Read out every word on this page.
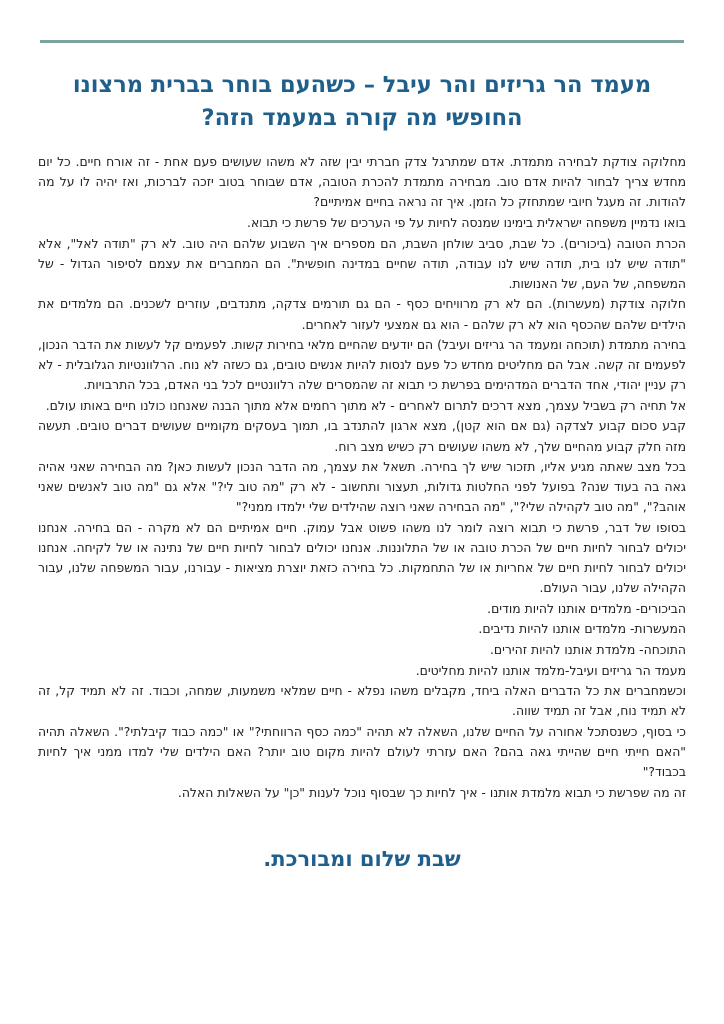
מעמד הר גריזים והר עיבל – כשהעם בוחר בברית מרצונו החופשי מה קורה במעמד הזה?

מחלוקה צודקת לבחירה מתמדת. אדם שמתרגל צדק חברתי יבין שזה לא משהו שעושים פעם אחת - זה אורח חיים. כל יום מחדש צריך לבחור להיות אדם טוב. מבחירה מתמדת להכרת הטובה, אדם שבוחר בטוב יזכה לברכות, ואז יהיה לו על מה להודות. זה מעגל חיובי שמתחזק כל הזמן. איך זה נראה בחיים אמיתיים?

בואו נדמיין משפחה ישראלית בימינו שמנסה לחיות על פי הערכים של פרשת כי תבוא.

הכרת הטובה (ביכורים). כל שבת, סביב שולחן השבת, הם מספרים איך השבוע שלהם היה טוב. לא רק "תודה לאל", אלא "תודה שיש לנו בית, תודה שיש לנו עבודה, תודה שחיים במדינה חופשית". הם המחברים את עצמם לסיפור הגדול - של המשפחה, של העם, של האנושות.

חלוקה צודקת (מעשרות). הם לא רק מרוויחים כסף - הם גם תורמים צדקה, מתנדבים, עוזרים לשכנים. הם מלמדים את הילדים שלהם שהכסף הוא לא רק שלהם - הוא גם אמצעי לעזור לאחרים.

בחירה מתמדת (תוכחה ומעמד הר גריזים ועיבל) הם יודעים שהחיים מלאי בחירות קשות. לפעמים קל לעשות את הדבר הנכון, לפעמים זה קשה. אבל הם מחליטים מחדש כל פעם לנסות להיות אנשים טובים, גם כשזה לא נוח. הרלוונטיות הגלובלית - לא רק עניין יהודי, אחד הדברים המדהימים בפרשת כי תבוא זה שהמסרים שלה רלוונטיים לכל בני האדם, בכל התרבויות.

אל תחיה רק בשביל עצמך, מצא דרכים לתרום לאחרים - לא מתוך רחמים אלא מתוך הבנה שאנחנו כולנו חיים באותו עולם.

קבע סכום קבוע לצדקה (גם אם הוא קטן), מצא ארגון להתנדב בו, תמוך בעסקים מקומיים שעושים דברים טובים. תעשה מזה חלק קבוע מהחיים שלך, לא משהו שעושים רק כשיש מצב רוח.

בכל מצב שאתה מגיע אליו, תזכור שיש לך בחירה. תשאל את עצמך, מה הדבר הנכון לעשות כאן? מה הבחירה שאני אהיה גאה בה בעוד שנה? בפועל לפני החלטות גדולות, תעצור ותחשוב - לא רק "מה טוב לי?" אלא גם "מה טוב לאנשים שאני אוהב?", "מה טוב לקהילה שלי?", "מה הבחירה שאני רוצה שהילדים שלי ילמדו ממני?"

בסופו של דבר, פרשת כי תבוא רוצה לומר לנו משהו פשוט אבל עמוק. חיים אמיתיים הם לא מקרה - הם בחירה. אנחנו יכולים לבחור לחיות חיים של הכרת טובה או של התלוננות. אנחנו יכולים לבחור לחיות חיים של נתינה או של לקיחה. אנחנו יכולים לבחור לחיות חיים של אחריות או של התחמקות. כל בחירה כזאת יוצרת מציאות - עבורנו, עבור המשפחה שלנו, עבור הקהילה שלנו, עבור העולם.

הביכורים- מלמדים אותנו להיות מודים.

המעשרות- מלמדים אותנו להיות נדיבים.

התוכחה- מלמדת אותנו להיות זהירים.

מעמד הר גריזים ועיבל-מלמד אותנו להיות מחליטים.

וכשמחברים את כל הדברים האלה ביחד, מקבלים משהו נפלא - חיים שמלאי משמעות, שמחה, וכבוד. זה לא תמיד קל, זה לא תמיד נוח, אבל זה תמיד שווה.

כי בסוף, כשנסתכל אחורה על החיים שלנו, השאלה לא תהיה "כמה כסף הרווחתי?" או "כמה כבוד קיבלתי?". השאלה תהיה "האם חייתי חיים שהייתי גאה בהם? האם עזרתי לעולם להיות מקום טוב יותר? האם הילדים שלי למדו ממני איך לחיות בכבוד?"

זה מה שפרשת כי תבוא מלמדת אותנו - איך לחיות כך שבסוף נוכל לענות "כן" על השאלות האלה.

שבת שלום ומבורכת.
